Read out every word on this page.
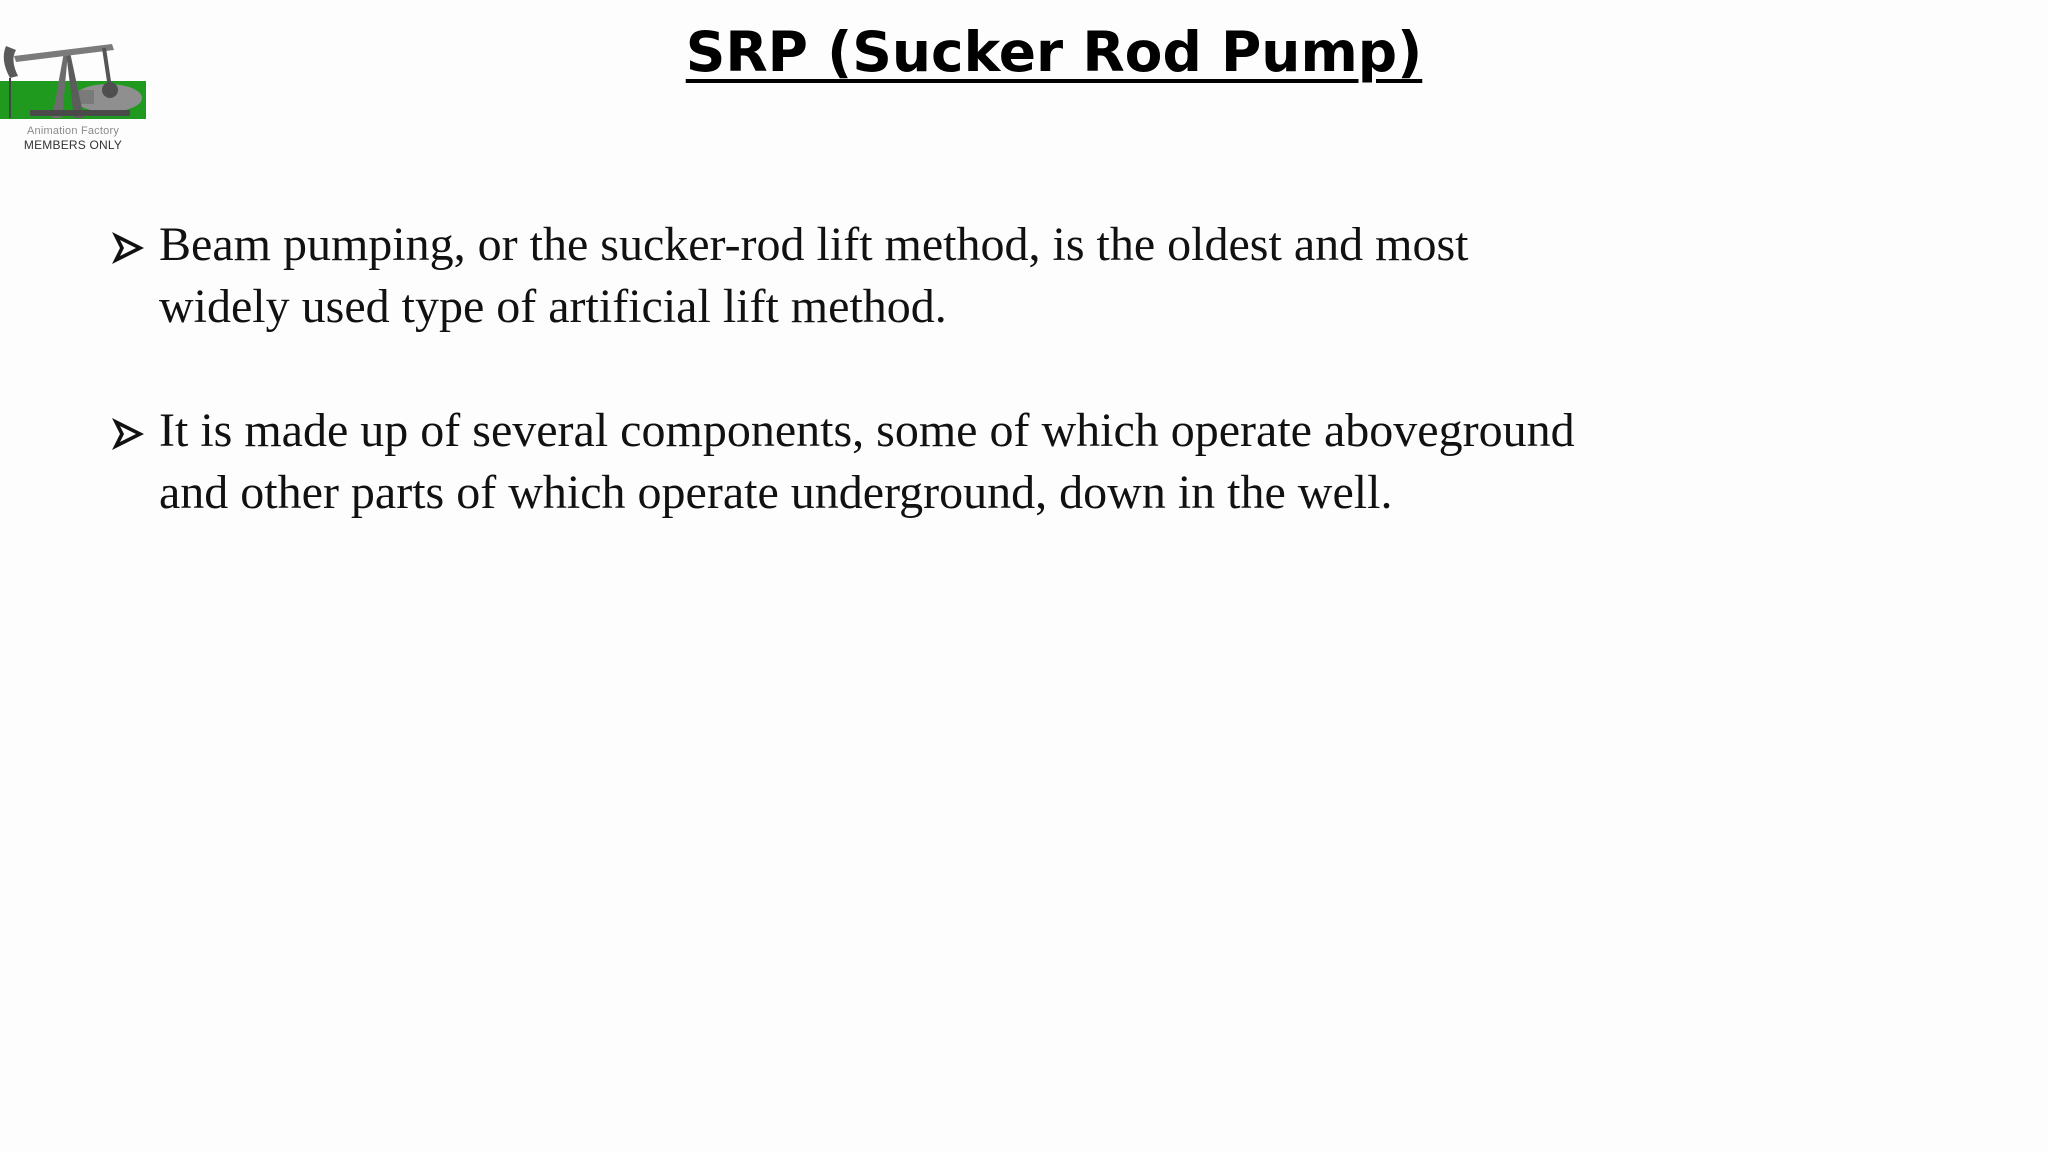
Animation Factory
MEMBERS ONLY
SRP (Sucker Rod Pump)
Beam pumping, or the sucker-rod lift method, is the oldest and most widely used type of artificial lift method.
It is made up of several components, some of which operate aboveground and other parts of which operate underground, down in the well.
